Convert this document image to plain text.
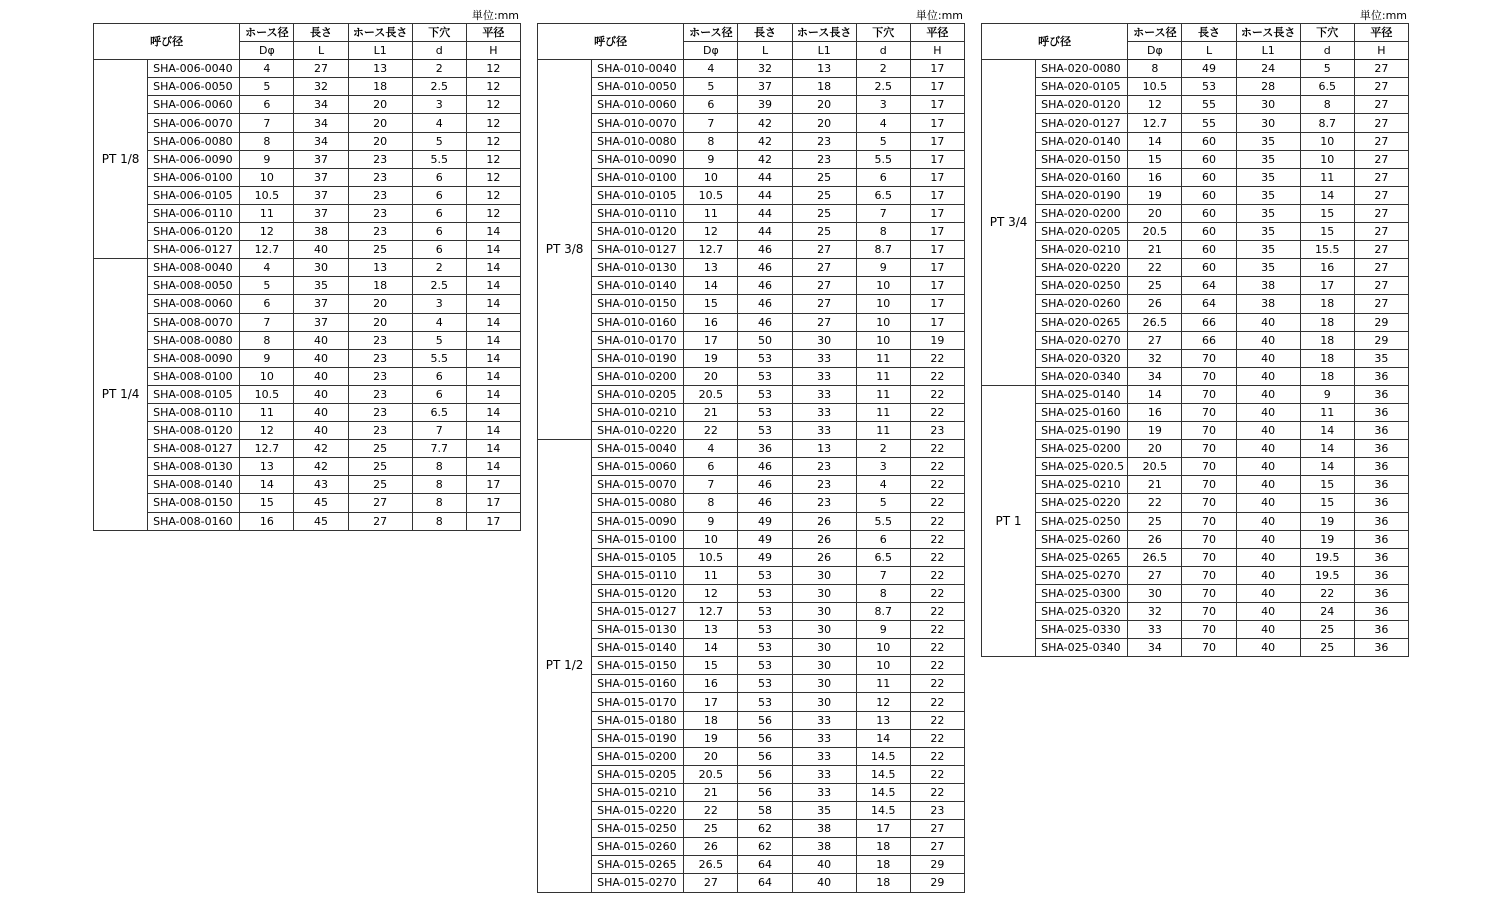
単位:mm
呼び径		ホース径	長さ	ホース長さ	下穴	平径
		Dφ	L	L1	d	H
PT 1/8	SHA-006-0040	4	27	13	2	12
	SHA-006-0050	5	32	18	2.5	12
	SHA-006-0060	6	34	20	3	12
	SHA-006-0070	7	34	20	4	12
	SHA-006-0080	8	34	20	5	12
	SHA-006-0090	9	37	23	5.5	12
	SHA-006-0100	10	37	23	6	12
	SHA-006-0105	10.5	37	23	6	12
	SHA-006-0110	11	37	23	6	12
	SHA-006-0120	12	38	23	6	14
	SHA-006-0127	12.7	40	25	6	14
PT 1/4	SHA-008-0040	4	30	13	2	14
	SHA-008-0050	5	35	18	2.5	14
	SHA-008-0060	6	37	20	3	14
	SHA-008-0070	7	37	20	4	14
	SHA-008-0080	8	40	23	5	14
	SHA-008-0090	9	40	23	5.5	14
	SHA-008-0100	10	40	23	6	14
	SHA-008-0105	10.5	40	23	6	14
	SHA-008-0110	11	40	23	6.5	14
	SHA-008-0120	12	40	23	7	14
	SHA-008-0127	12.7	42	25	7.7	14
	SHA-008-0130	13	42	25	8	14
	SHA-008-0140	14	43	25	8	17
	SHA-008-0150	15	45	27	8	17
	SHA-008-0160	16	45	27	8	17
単位:mm
呼び径		ホース径	長さ	ホース長さ	下穴	平径
		Dφ	L	L1	d	H
PT 3/8	SHA-010-0040	4	32	13	2	17
	SHA-010-0050	5	37	18	2.5	17
	SHA-010-0060	6	39	20	3	17
	SHA-010-0070	7	42	20	4	17
	SHA-010-0080	8	42	23	5	17
	SHA-010-0090	9	42	23	5.5	17
	SHA-010-0100	10	44	25	6	17
	SHA-010-0105	10.5	44	25	6.5	17
	SHA-010-0110	11	44	25	7	17
	SHA-010-0120	12	44	25	8	17
	SHA-010-0127	12.7	46	27	8.7	17
	SHA-010-0130	13	46	27	9	17
	SHA-010-0140	14	46	27	10	17
	SHA-010-0150	15	46	27	10	17
	SHA-010-0160	16	46	27	10	17
	SHA-010-0170	17	50	30	10	19
	SHA-010-0190	19	53	33	11	22
	SHA-010-0200	20	53	33	11	22
	SHA-010-0205	20.5	53	33	11	22
	SHA-010-0210	21	53	33	11	22
	SHA-010-0220	22	53	33	11	23
PT 1/2	SHA-015-0040	4	36	13	2	22
	SHA-015-0060	6	46	23	3	22
	SHA-015-0070	7	46	23	4	22
	SHA-015-0080	8	46	23	5	22
	SHA-015-0090	9	49	26	5.5	22
	SHA-015-0100	10	49	26	6	22
	SHA-015-0105	10.5	49	26	6.5	22
	SHA-015-0110	11	53	30	7	22
	SHA-015-0120	12	53	30	8	22
	SHA-015-0127	12.7	53	30	8.7	22
	SHA-015-0130	13	53	30	9	22
	SHA-015-0140	14	53	30	10	22
	SHA-015-0150	15	53	30	10	22
	SHA-015-0160	16	53	30	11	22
	SHA-015-0170	17	53	30	12	22
	SHA-015-0180	18	56	33	13	22
	SHA-015-0190	19	56	33	14	22
	SHA-015-0200	20	56	33	14.5	22
	SHA-015-0205	20.5	56	33	14.5	22
	SHA-015-0210	21	56	33	14.5	22
	SHA-015-0220	22	58	35	14.5	23
	SHA-015-0250	25	62	38	17	27
	SHA-015-0260	26	62	38	18	27
	SHA-015-0265	26.5	64	40	18	29
	SHA-015-0270	27	64	40	18	29
単位:mm
呼び径		ホース径	長さ	ホース長さ	下穴	平径
		Dφ	L	L1	d	H
PT 3/4	SHA-020-0080	8	49	24	5	27
	SHA-020-0105	10.5	53	28	6.5	27
	SHA-020-0120	12	55	30	8	27
	SHA-020-0127	12.7	55	30	8.7	27
	SHA-020-0140	14	60	35	10	27
	SHA-020-0150	15	60	35	10	27
	SHA-020-0160	16	60	35	11	27
	SHA-020-0190	19	60	35	14	27
	SHA-020-0200	20	60	35	15	27
	SHA-020-0205	20.5	60	35	15	27
	SHA-020-0210	21	60	35	15.5	27
	SHA-020-0220	22	60	35	16	27
	SHA-020-0250	25	64	38	17	27
	SHA-020-0260	26	64	38	18	27
	SHA-020-0265	26.5	66	40	18	29
	SHA-020-0270	27	66	40	18	29
	SHA-020-0320	32	70	40	18	35
	SHA-020-0340	34	70	40	18	36
PT 1	SHA-025-0140	14	70	40	9	36
	SHA-025-0160	16	70	40	11	36
	SHA-025-0190	19	70	40	14	36
	SHA-025-0200	20	70	40	14	36
	SHA-025-020.5	20.5	70	40	14	36
	SHA-025-0210	21	70	40	15	36
	SHA-025-0220	22	70	40	15	36
	SHA-025-0250	25	70	40	19	36
	SHA-025-0260	26	70	40	19	36
	SHA-025-0265	26.5	70	40	19.5	36
	SHA-025-0270	27	70	40	19.5	36
	SHA-025-0300	30	70	40	22	36
	SHA-025-0320	32	70	40	24	36
	SHA-025-0330	33	70	40	25	36
	SHA-025-0340	34	70	40	25	36
